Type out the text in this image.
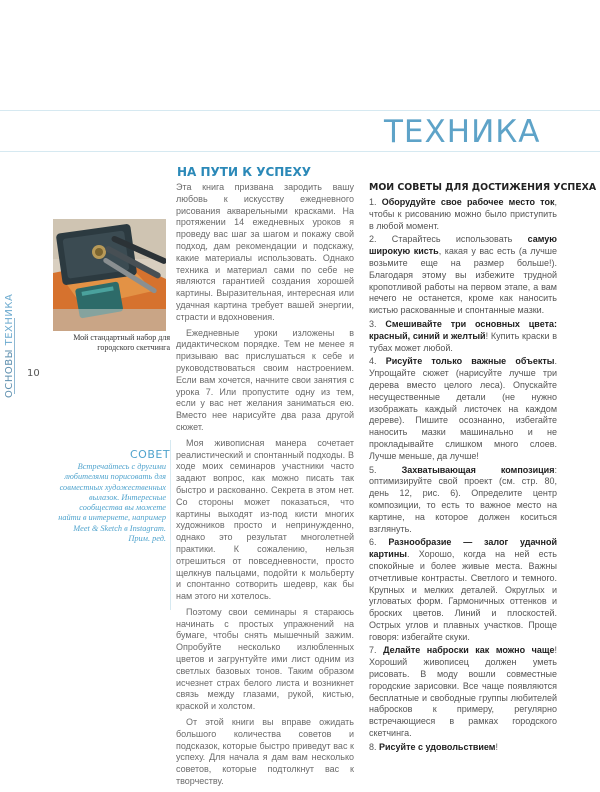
ТЕХНИКА
ОСНОВЫ ТЕХНИКА
10
Мой стандартный набор для городского скетчинга
СОВЕТ
Встречайтесь с другими любителями порисовать для совместных художественных вылазок. Интересные сообщества вы можете найти в интернете, например Meet & Sketch в Instagram. Прим. ред.
НА ПУТИ К УСПЕХУ

Эта книга призвана зародить вашу любовь к искусству ежедневного рисования акварельными красками. На протяжении 14 ежедневных уроков я проведу вас шаг за шагом и покажу свой подход, дам рекомендации и подскажу, какие материалы использовать. Однако техника и материал сами по себе не являются гарантией создания хорошей картины. Выразительная, интересная или удачная картина требует вашей энергии, страсти и вдохновения.

Ежедневные уроки изложены в дидактическом порядке. Тем не менее я призываю вас прислушаться к себе и руководствоваться своим настроением. Если вам хочется, начните свои занятия с урока 7. Или пропустите одну из тем, если у вас нет желания заниматься ею. Вместо нее нарисуйте два раза другой сюжет.

Моя живописная манера сочетает реалистический и спонтанный подходы. В ходе моих семинаров участники часто задают вопрос, как можно писать так быстро и раскованно. Секрета в этом нет. Со стороны может показаться, что картины выходят из-под кисти многих художников просто и непринужденно, однако это результат многолетней практики. К сожалению, нельзя отрешиться от повседневности, просто щелкнув пальцами, подойти к мольберту и спонтанно сотворить шедевр, как бы нам этого ни хотелось.

Поэтому свои семинары я стараюсь начинать с простых упражнений на бумаге, чтобы снять мышечный зажим. Опробуйте несколько излюбленных цветов и загрунтуйте ими лист одним из светлых базовых тонов. Таким образом исчезнет страх белого листа и возникнет связь между глазами, рукой, кистью, краской и холстом.

От этой книги вы вправе ожидать большого количества советов и подсказок, которые быстро приведут вас к успеху. Для начала я дам вам несколько советов, которые подтолкнут вас к творчеству.

МОИ СОВЕТЫ ДЛЯ ДОСТИЖЕНИЯ УСПЕХА

1. Оборудуйте свое рабочее место ток, чтобы к рисованию можно было приступить в любой момент.

2. Старайтесь использовать самую широкую кисть, какая у вас есть (а лучше возьмите еще на размер больше!). Благодаря этому вы избежите трудной кропотливой работы на первом этапе, а вам нечего не останется, кроме как наносить кистью раскованные и спонтанные мазки.

3. Смешивайте три основных цвета: красный, синий и желтый! Купить краски в тубах может любой.

4. Рисуйте только важные объекты. Упрощайте сюжет (нарисуйте лучше три дерева вместо целого леса). Опускайте несущественные детали (не нужно изображать каждый листочек на каждом дереве). Пишите осознанно, избегайте наносить мазки машинально и не прокладывайте слишком много слоев. Лучше меньше, да лучше!

5. Захватывающая композиция: оптимизируйте свой проект (см. стр. 80, день 12, рис. 6). Определите центр композиции, то есть то важное место на картине, на которое должен коситься взглянуть.

6. Разнообразие — залог удачной картины. Хорошо, когда на ней есть спокойные и более живые места. Важны отчетливые контрасты. Светлого и темного. Крупных и мелких деталей. Округлых и угловатых форм. Гармоничных оттенков и броских цветов. Линий и плоскостей. Острых углов и плавных участков. Проще говоря: избегайте скуки.

7. Делайте наброски как можно чаще! Хороший живописец должен уметь рисовать. В моду вошли совместные городские зарисовки. Все чаще появляются бесплатные и свободные группы любителей набросков к примеру, регулярно встречающиеся в рамках городского скетчинга.

8. Рисуйте с удовольствием!
